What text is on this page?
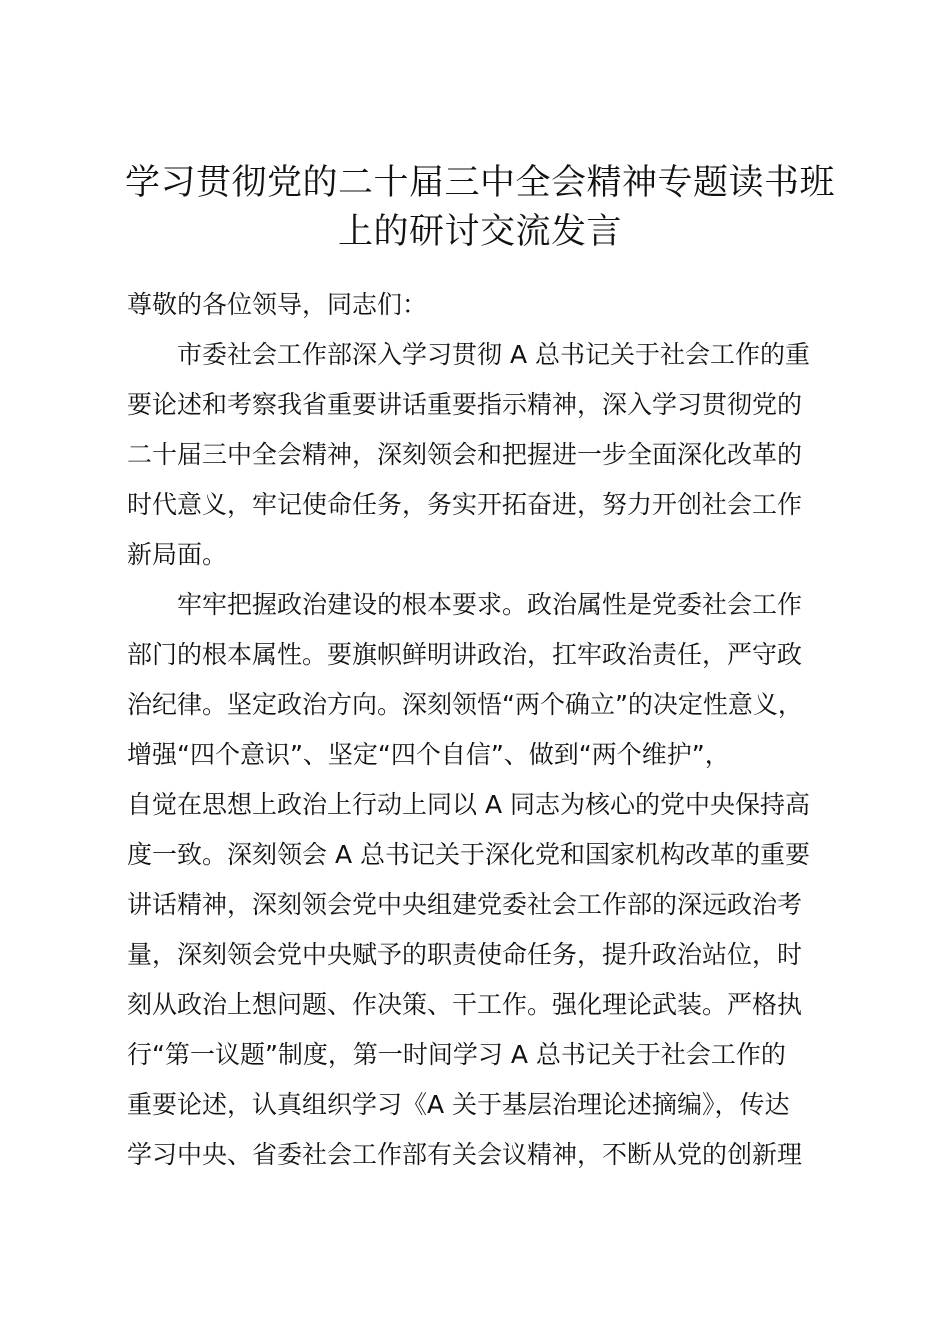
学习贯彻党的二十届三中全会精神专题读书班
上的研讨交流发言
尊敬的各位领导，同志们：
　　市委社会工作部深入学习贯彻 A 总书记关于社会工作的重
要论述和考察我省重要讲话重要指示精神，深入学习贯彻党的
二十届三中全会精神，深刻领会和把握进一步全面深化改革的
时代意义，牢记使命任务，务实开拓奋进，努力开创社会工作
新局面。
　　牢牢把握政治建设的根本要求。政治属性是党委社会工作
部门的根本属性。要旗帜鲜明讲政治，扛牢政治责任，严守政
治纪律。坚定政治方向。深刻领悟“两个确立”的决定性意义，
增强“四个意识”、坚定“四个自信”、做到“两个维护”，
自觉在思想上政治上行动上同以 A 同志为核心的党中央保持高
度一致。深刻领会 A 总书记关于深化党和国家机构改革的重要
讲话精神，深刻领会党中央组建党委社会工作部的深远政治考
量，深刻领会党中央赋予的职责使命任务，提升政治站位，时
刻从政治上想问题、作决策、干工作。强化理论武装。严格执
行“第一议题”制度，第一时间学习 A 总书记关于社会工作的
重要论述，认真组织学习《A 关于基层治理论述摘编》，传达
学习中央、省委社会工作部有关会议精神，不断从党的创新理
